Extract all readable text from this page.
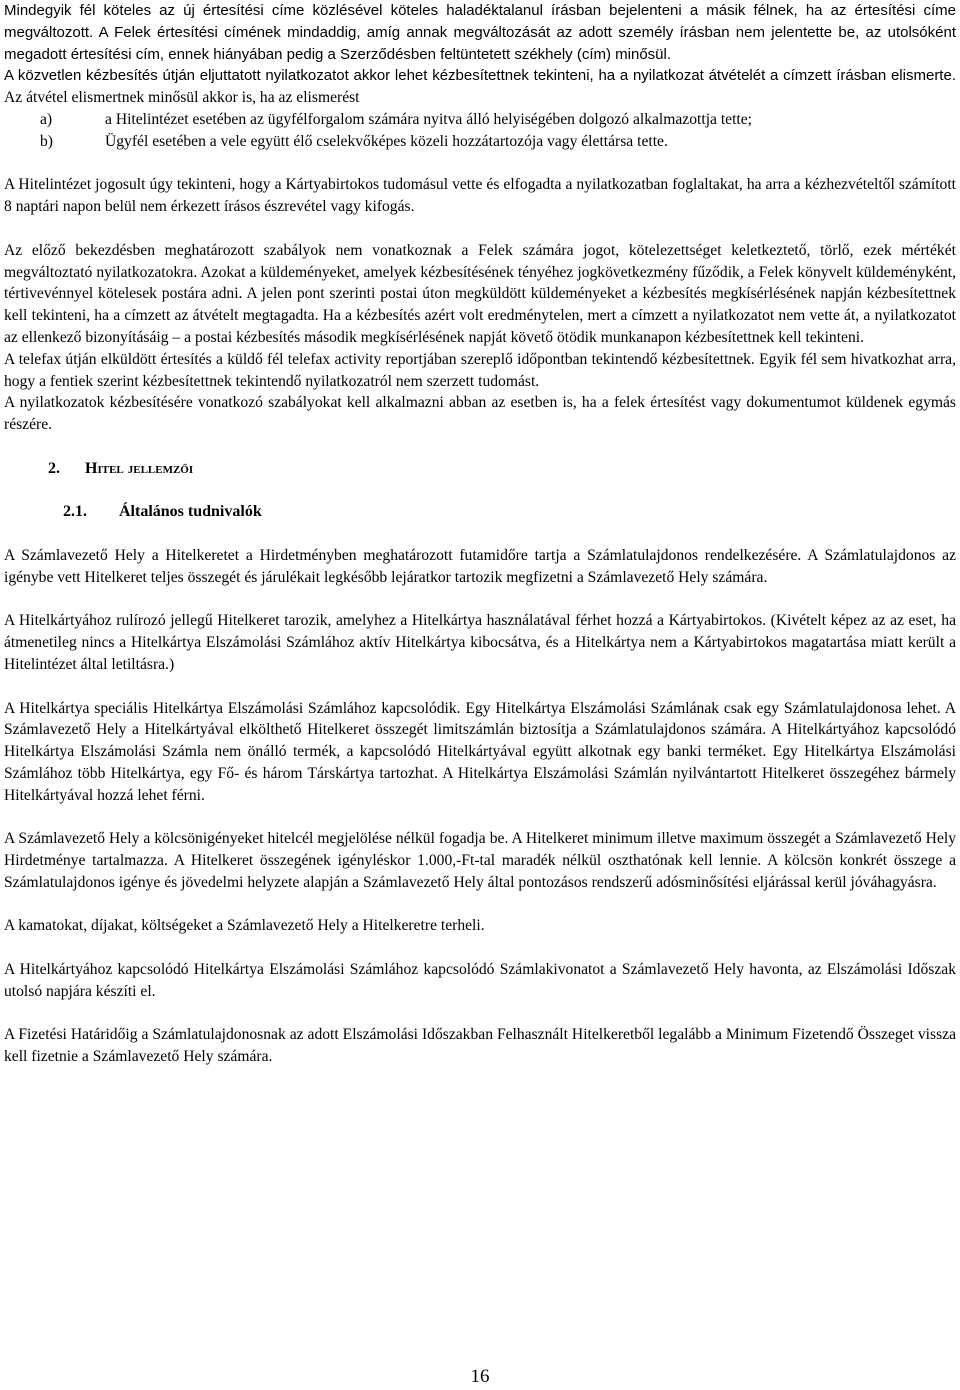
Mindegyik fél köteles az új értesítési címe közlésével köteles haladéktalanul írásban bejelenteni a másik félnek, ha az értesítési címe megváltozott. A Felek értesítési címének mindaddig, amíg annak megváltozását az adott személy írásban nem jelentette be, az utolsóként megadott értesítési cím, ennek hiányában pedig a Szerződésben feltüntetett székhely (cím) minősül.

A közvetlen kézbesítés útján eljuttatott nyilatkozatot akkor lehet kézbesítettnek tekinteni, ha a nyilatkozat átvételét a címzett írásban elismerte. Az átvétel elismertnek minősül akkor is, ha az elismerést

a)	a Hitelintézet esetében az ügyfélforgalom számára nyitva álló helyiségében dolgozó alkalmazottja tette;
b)	Ügyfél esetében a vele együtt élő cselekvőképes közeli hozzátartozója vagy élettársa tette.

A Hitelintézet jogosult úgy tekinteni, hogy a Kártyabirtokos tudomásul vette és elfogadta a nyilatkozatban foglaltakat, ha arra a kézhezvételtől számított 8 naptári napon belül nem érkezett írásos észrevétel vagy kifogás.

Az előző bekezdésben meghatározott szabályok nem vonatkoznak a Felek számára jogot, kötelezettséget keletkeztető, törlő, ezek mértékét megváltoztató nyilatkozatokra. Azokat a küldeményeket, amelyek kézbesítésének tényéhez jogkövetkezmény fűződik, a Felek könyvelt küldeményként, tértivevénnyel kötelesek postára adni. A jelen pont szerinti postai úton megküldött küldeményeket a kézbesítés megkísérlésének napján kézbesítettnek kell tekinteni, ha a címzett az átvételt megtagadta. Ha a kézbesítés azért volt eredménytelen, mert a címzett a nyilatkozatot nem vette át, a nyilatkozatot az ellenkező bizonyításáig – a postai kézbesítés második megkísérlésének napját követő ötödik munkanapon kézbesítettnek kell tekinteni.

A telefax útján elküldött értesítés a küldő fél telefax activity reportjában szereplő időpontban tekintendő kézbesítettnek. Egyik fél sem hivatkozhat arra, hogy a fentiek szerint kézbesítettnek tekintendő nyilatkozatról nem szerzett tudomást.

A nyilatkozatok kézbesítésére vonatkozó szabályokat kell alkalmazni abban az esetben is, ha a felek értesítést vagy dokumentumot küldenek egymás részére.

2. Hitel jellemzői
2.1. Általános tudnivalók

A Számlavezető Hely a Hitelkeretet a Hirdetményben meghatározott futamidőre tartja a Számlatulajdonos rendelkezésére. A Számlatulajdonos az igénybe vett Hitelkeret teljes összegét és járulékait legkésőbb lejáratkor tartozik megfizetni a Számlavezető Hely számára.

A Hitelkártyához rulírozó jellegű Hitelkeret tarozik, amelyhez a Hitelkártya használatával férhet hozzá a Kártyabirtokos. (Kivételt képez az az eset, ha átmenetileg nincs a Hitelkártya Elszámolási Számlához aktív Hitelkártya kibocsátva, és a Hitelkártya nem a Kártyabirtokos magatartása miatt került a Hitelintézet által letiltásra.)

A Hitelkártya speciális Hitelkártya Elszámolási Számlához kapcsolódik. Egy Hitelkártya Elszámolási Számlának csak egy Számlatulajdonosa lehet. A Számlavezető Hely a Hitelkártyával elkölthető Hitelkeret összegét limitszámlán biztosítja a Számlatulajdonos számára. A Hitelkártyához kapcsolódó Hitelkártya Elszámolási Számla nem önálló termék, a kapcsolódó Hitelkártyával együtt alkotnak egy banki terméket. Egy Hitelkártya Elszámolási Számlához több Hitelkártya, egy Fő- és három Társkártya tartozhat. A Hitelkártya Elszámolási Számlán nyilvántartott Hitelkeret összegéhez bármely Hitelkártyával hozzá lehet férni.

A Számlavezető Hely a kölcsönigényeket hitelcél megjelölése nélkül fogadja be. A Hitelkeret minimum illetve maximum összegét a Számlavezető Hely Hirdetménye tartalmazza. A Hitelkeret összegének igényléskor 1.000,-Ft-tal maradék nélkül oszthatónak kell lennie. A kölcsön konkrét összege a Számlatulajdonos igénye és jövedelmi helyzete alapján a Számlavezető Hely által pontozásos rendszerű adósminősítési eljárással kerül jóváhagyásra.

A kamatokat, díjakat, költségeket a Számlavezető Hely a Hitelkeretre terheli.

A Hitelkártyához kapcsolódó Hitelkártya Elszámolási Számlához kapcsolódó Számlakivonatot a Számlavezető Hely havonta, az Elszámolási Időszak utolsó napjára készíti el.

A Fizetési Határidőig a Számlatulajdonosnak az adott Elszámolási Időszakban Felhasznált Hitelkeretből legalább a Minimum Fizetendő Összeget vissza kell fizetnie a Számlavezető Hely számára.

16
